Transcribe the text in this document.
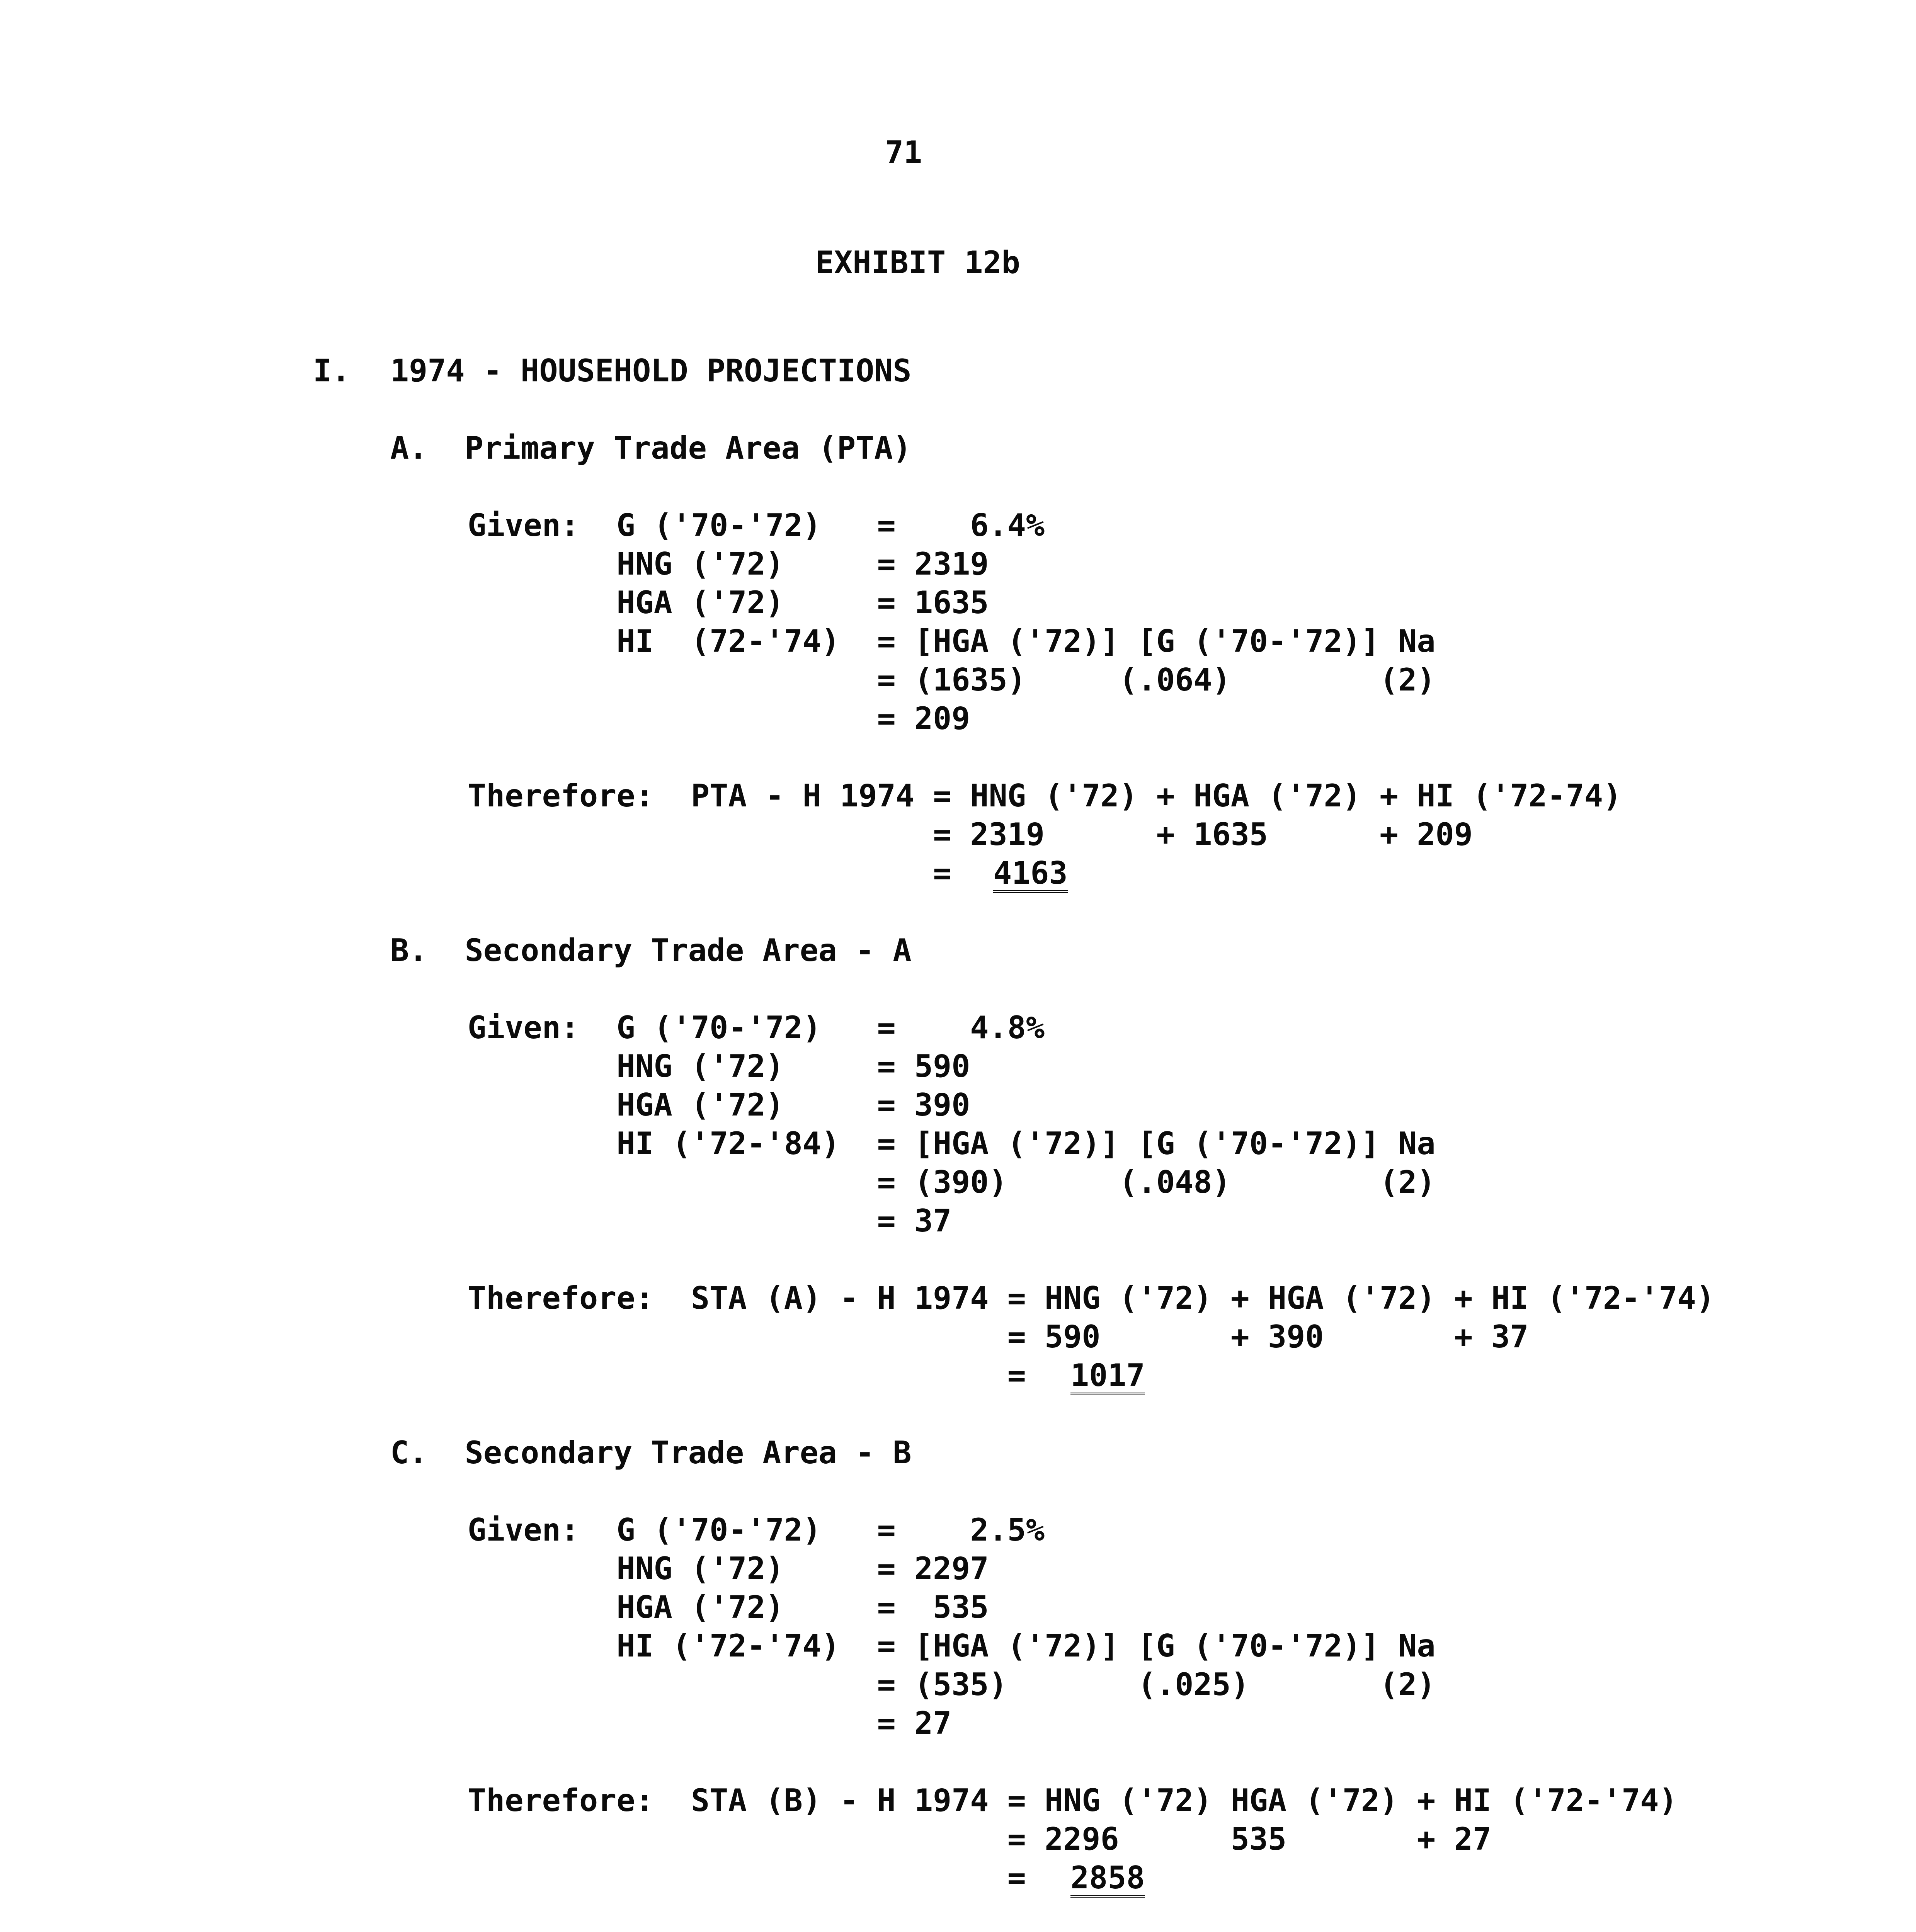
71
EXHIBIT 12b
I. 1974 - HOUSEHOLD PROJECTIONS
A.  Primary Trade Area (PTA)
Given:  G ('70-'72)   =    6.4%
HNG ('72)     = 2319
HGA ('72)     = 1635
HI  (72-'74)  = [HGA ('72)] [G ('70-'72)] Na
= (1635)     (.064)        (2)
= 209
Therefore:  PTA - H 1974 = HNG ('72) + HGA ('72) + HI ('72-74)
= 2319      + 1635      + 209
= 4163
B.  Secondary Trade Area - A
Given:  G ('70-'72)   =    4.8%
HNG ('72)     = 590
HGA ('72)     = 390
HI ('72-'84)  = [HGA ('72)] [G ('70-'72)] Na
= (390)      (.048)        (2)
= 37
Therefore:  STA (A) - H 1974 = HNG ('72) + HGA ('72) + HI ('72-'74)
= 590       + 390       + 37
= 1017
C.  Secondary Trade Area - B
Given:  G ('70-'72)   =    2.5%
HNG ('72)     = 2297
HGA ('72)     =  535
HI ('72-'74)  = [HGA ('72)] [G ('70-'72)] Na
= (535)       (.025)       (2)
= 27
Therefore:  STA (B) - H 1974 = HNG ('72) HGA ('72) + HI ('72-'74)
= 2296      535       + 27
= 2858
